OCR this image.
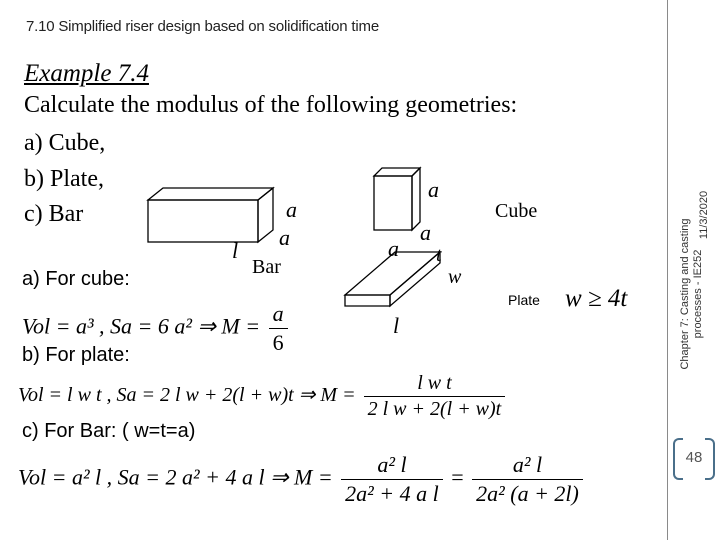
7.10 Simplified riser design based on solidification time
Example 7.4
Calculate the modulus of the following geometries:
a) Cube,
b) Plate,
c) Bar	a
a
l
Bar
a
a
a
Cube
t
w
l
Plate w ≥ 4t
a) For cube:
Vol = a³ , Sa = 6 a² ⇒ $M = \frac{a}{6}$
b) For plate:
Vol = l w t , Sa = 2 l w + 2(l + w)t ⇒ $M = \frac{\text{l w t}}{\text{2 l w + 2(l + w)t}}$
c) For Bar: ( w=t=a)
Vol = a² l , Sa = 2 a² + 4 a l ⇒ $M = \frac{\text{a² l}}{\text{2a² + 4 a l}} = \frac{\text{a² l}}{\text{2a² (a + 2l)}}$
11/3/2020
Chapter 7: Casting and casting processes - IE252
48
